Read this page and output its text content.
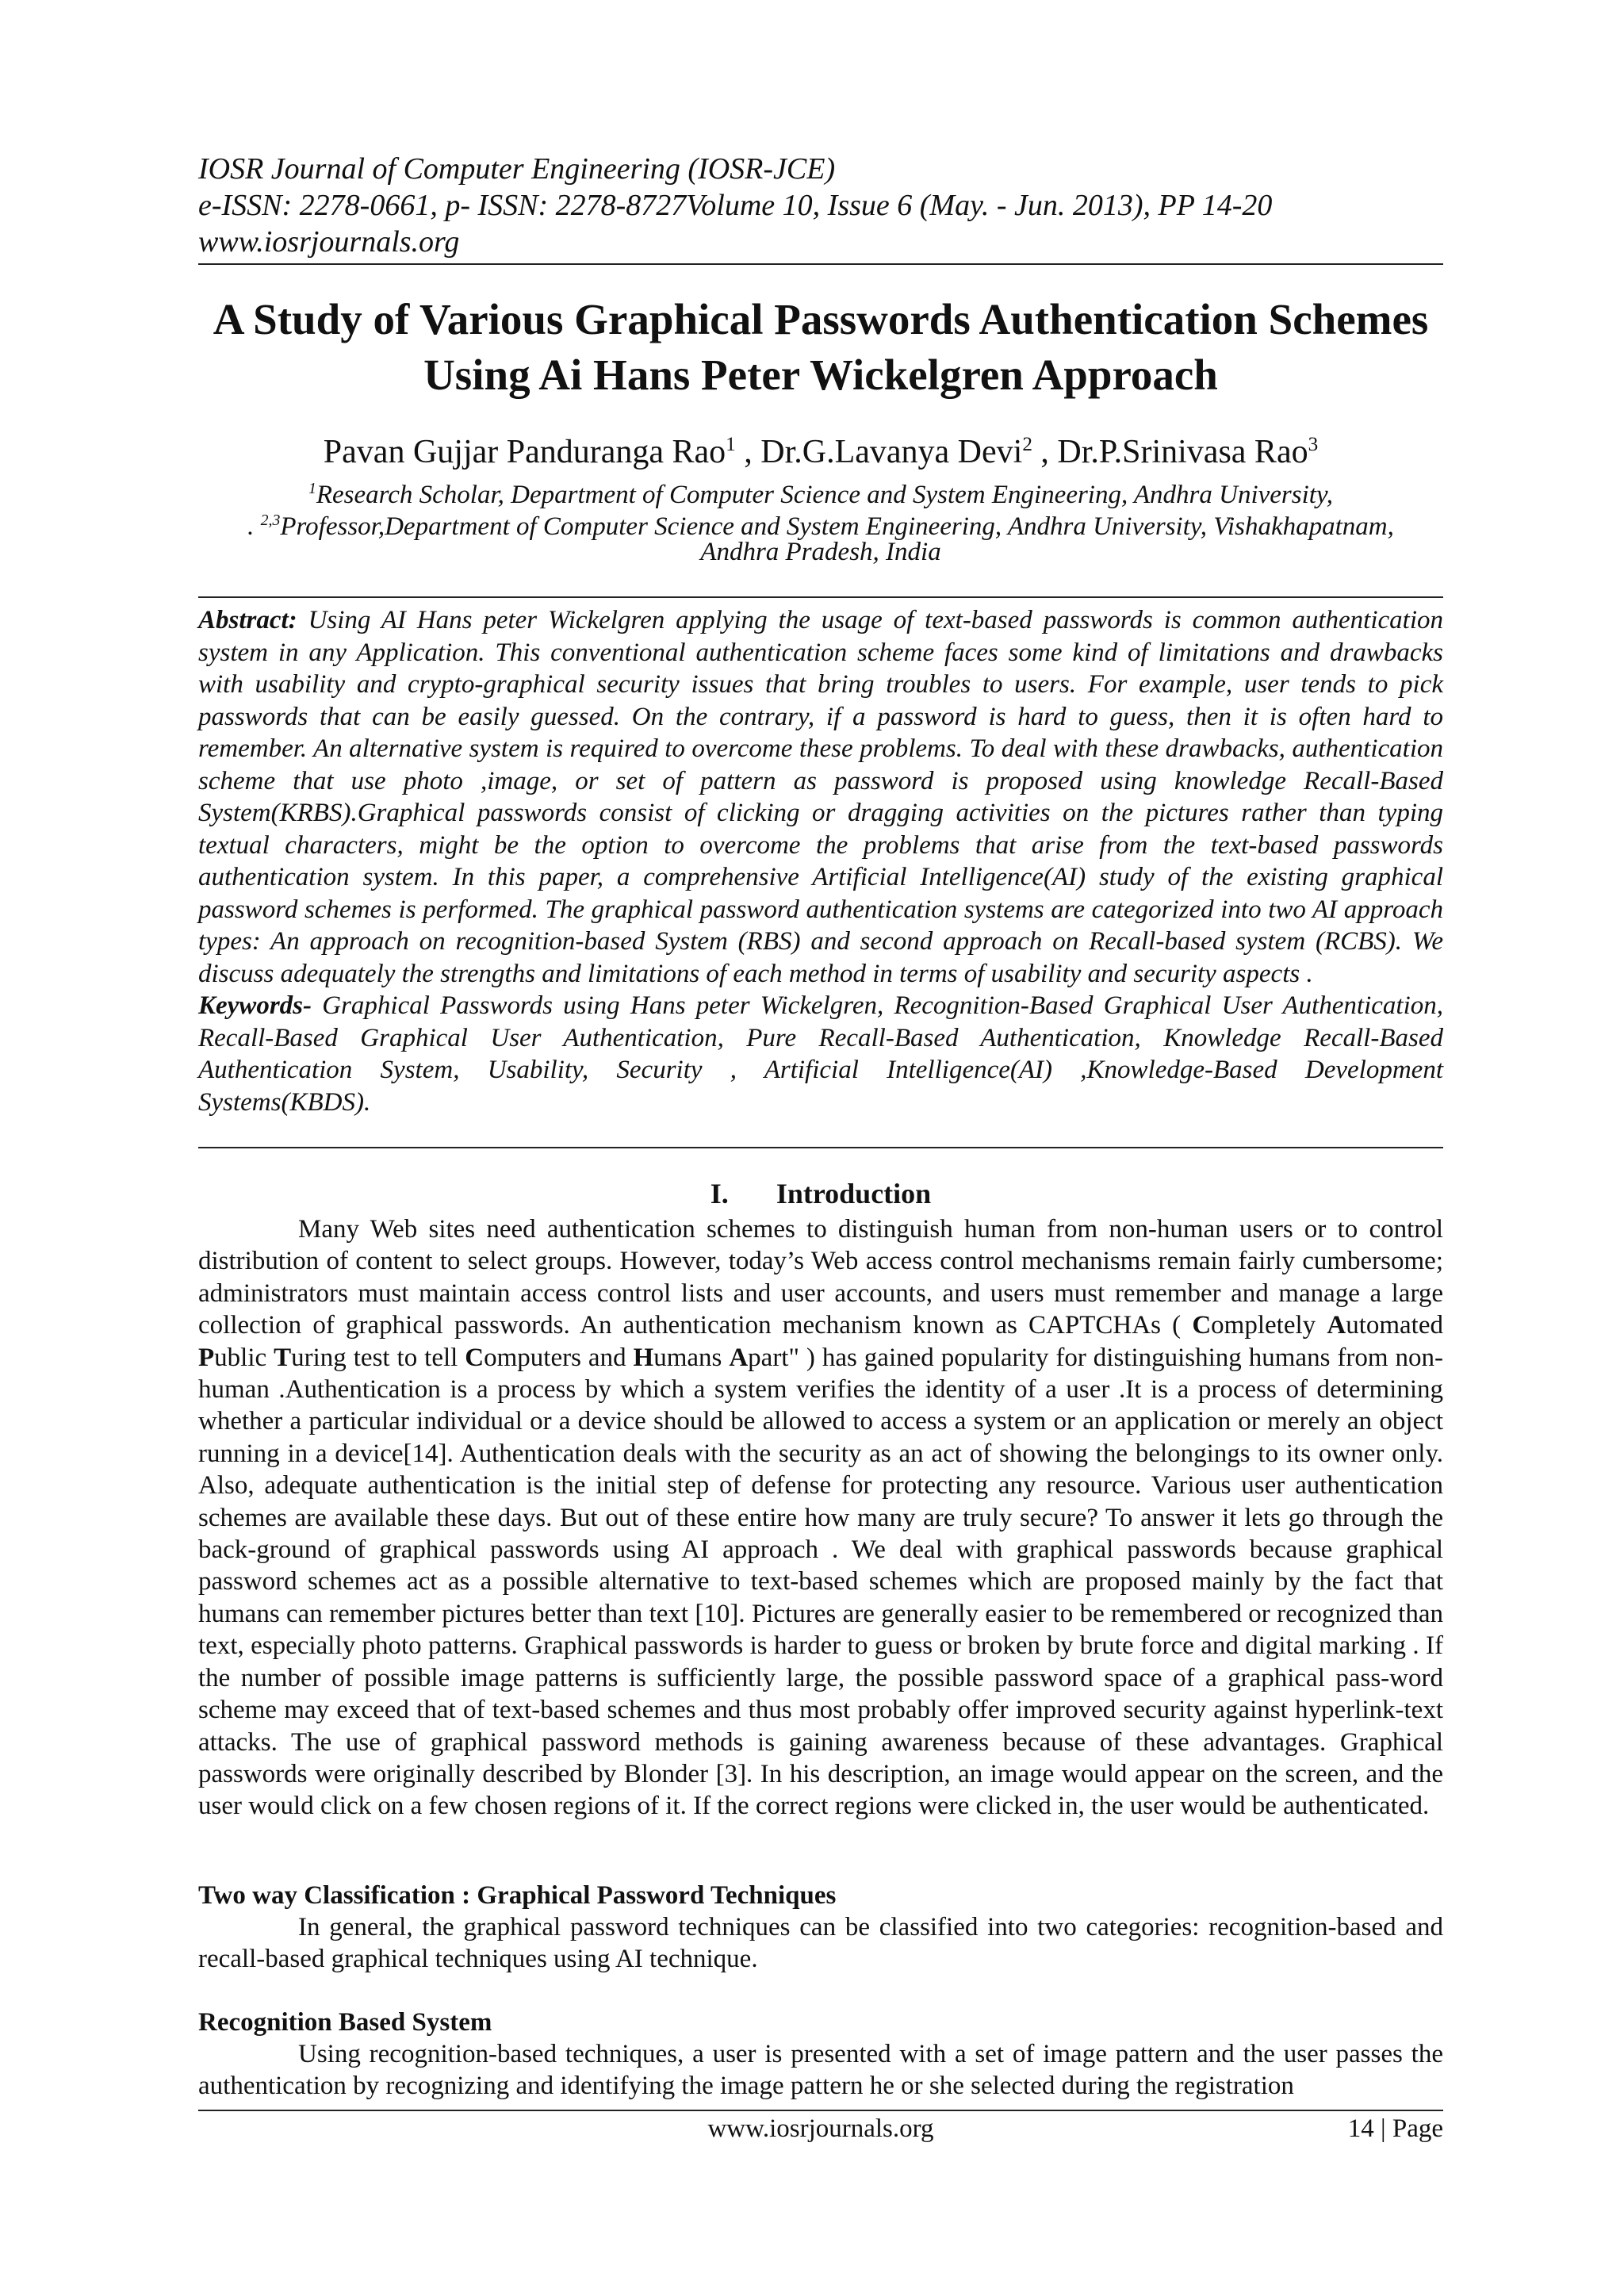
IOSR Journal of Computer Engineering (IOSR-JCE)
e-ISSN: 2278-0661, p- ISSN: 2278-8727Volume 10, Issue 6 (May. - Jun. 2013), PP 14-20
www.iosrjournals.org
A Study of Various Graphical Passwords Authentication Schemes
Using Ai Hans Peter Wickelgren Approach
Pavan Gujjar Panduranga Rao$^1$ , Dr.G.Lavanya Devi$^2$ , Dr.P.Srinivasa Rao$^3$
$^1$Research Scholar, Department of Computer Science and System Engineering, Andhra University,
. $^{2,3}$Professor,Department of Computer Science and System Engineering, Andhra University, Vishakhapatnam,
Andhra Pradesh, India
Abstract: Using AI Hans peter Wickelgren applying the usage of text-based passwords is common authentication system in any Application. This conventional authentication scheme faces some kind of limitations and drawbacks with usability and crypto-graphical security issues that bring troubles to users. For example, user tends to pick passwords that can be easily guessed. On the contrary, if a password is hard to guess, then it is often hard to remember. An alternative system is required to overcome these problems. To deal with these drawbacks, authentication scheme that use photo ,image, or set of pattern as password is proposed using knowledge Recall-Based System(KRBS).Graphical passwords consist of clicking or dragging activities on the pictures rather than typing textual characters, might be the option to overcome the problems that arise from the text-based passwords authentication system. In this paper, a comprehensive Artificial Intelligence(AI) study of the existing graphical password schemes is performed. The graphical password authentication systems are categorized into two AI approach types: An approach on recognition-based System (RBS) and second approach on Recall-based system (RCBS). We discuss adequately the strengths and limitations of each method in terms of usability and security aspects .
Keywords- Graphical Passwords using Hans peter Wickelgren, Recognition-Based Graphical User Authentication, Recall-Based Graphical User Authentication, Pure Recall-Based Authentication, Knowledge Recall-Based Authentication System, Usability, Security , Artificial Intelligence(AI) ,Knowledge-Based Development Systems(KBDS).
I. Introduction
Many Web sites need authentication schemes to distinguish human from non-human users or to control distribution of content to select groups. However, today’s Web access control mechanisms remain fairly cumbersome; administrators must maintain access control lists and user accounts, and users must remember and manage a large collection of graphical passwords. An authentication mechanism known as CAPTCHAs ( Completely Automated Public Turing test to tell Computers and Humans Apart" ) has gained popularity for distinguishing humans from non-human .Authentication is a process by which a system verifies the identity of a user .It is a process of determining whether a particular individual or a device should be allowed to access a system or an application or merely an object running in a device[14]. Authentication deals with the security as an act of showing the belongings to its owner only. Also, adequate authentication is the initial step of defense for protecting any resource. Various user authentication schemes are available these days. But out of these entire how many are truly secure? To answer it lets go through the back-ground of graphical passwords using AI approach . We deal with graphical passwords because graphical password schemes act as a possible alternative to text-based schemes which are proposed mainly by the fact that humans can remember pictures better than text [10]. Pictures are generally easier to be remembered or recognized than text, especially photo patterns. Graphical passwords is harder to guess or broken by brute force and digital marking . If the number of possible image patterns is sufficiently large, the possible password space of a graphical pass-word scheme may exceed that of text-based schemes and thus most probably offer improved security against hyperlink-text attacks. The use of graphical password methods is gaining awareness because of these advantages. Graphical passwords were originally described by Blonder [3]. In his description, an image would appear on the screen, and the user would click on a few chosen regions of it. If the correct regions were clicked in, the user would be authenticated.
Two way Classification : Graphical Password Techniques
In general, the graphical password techniques can be classified into two categories: recognition-based and recall-based graphical techniques using AI technique.
Recognition Based System
Using recognition-based techniques, a user is presented with a set of image pattern and the user passes the authentication by recognizing and identifying the image pattern he or she selected during the registration
www.iosrjournals.org	14 | Page
